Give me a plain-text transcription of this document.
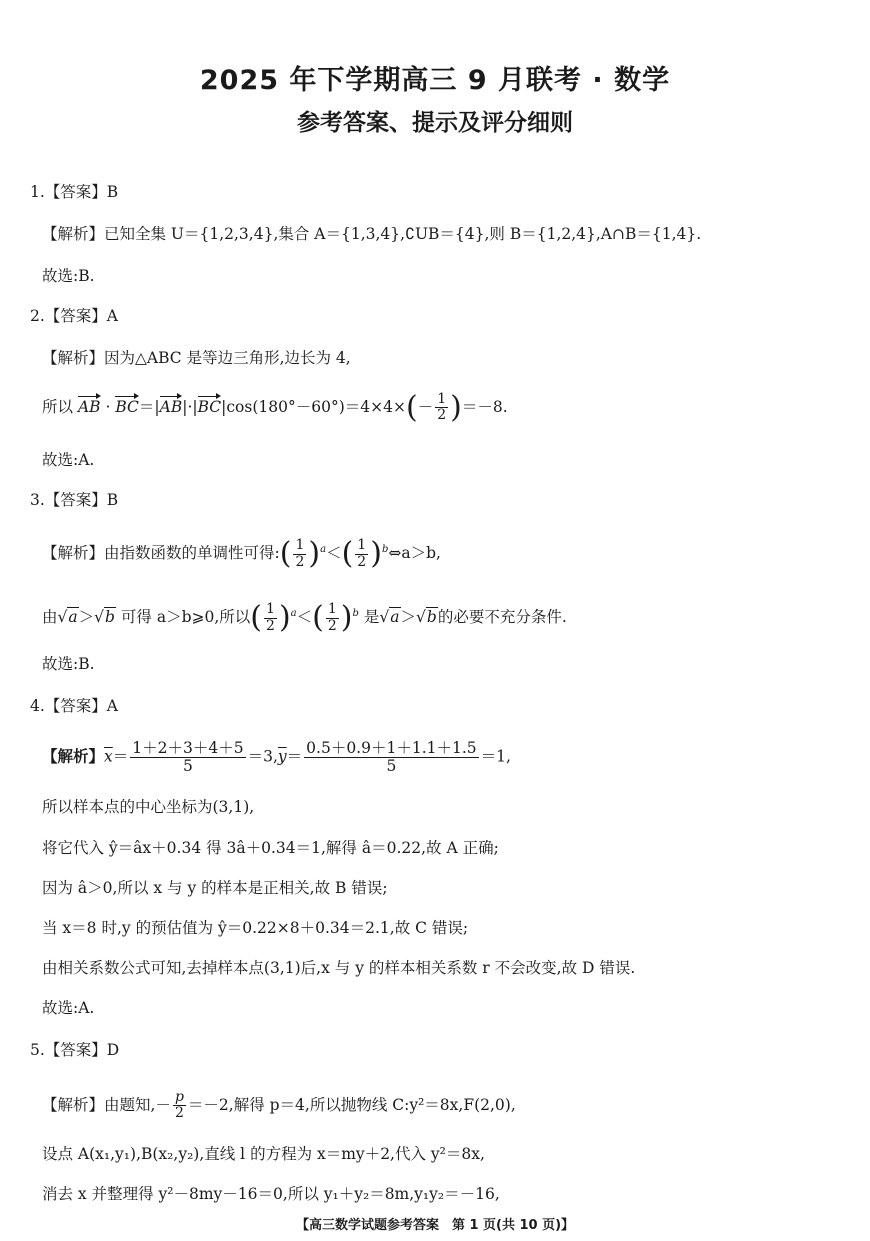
2025 年下学期高三 9 月联考 · 数学
参考答案、提示及评分细则
1.【答案】B
【解析】已知全集 U＝{1,2,3,4},集合 A＝{1,3,4},∁UB＝{4},则 B＝{1,2,4},A∩B＝{1,4}.
故选:B.
2.【答案】A
【解析】因为△ABC 是等边三角形,边长为 4,
所以 AB · $BC=|AB|\cdot|BC|\cos(180^\circ-60^\circ)=4\times 4\times(- \frac{1}{2} )=-8$.
故选:A.
3.【答案】B
【解析】由指数函数的单调性可得:( $\frac{1}{2} )^a<( \frac{1}{2}$ )$^b\Leftrightarrow a>b$,
由√a＞√b 可得 a＞b⩾0,所以( $\frac{1}{2} )^a<( \frac{1}{2} )^b$ 是√a＞√b的必要不充分条件.
故选:B.
4.【答案】A
【解析】$\overline{x}= \frac{1+2+3+4+5}{5} =3,\overline{y}= \frac{0.5+0.9+1+1.1+1.5}{5} =1$,
所以样本点的中心坐标为(3,1),
将它代入 ŷ＝âx＋0.34 得 3â＋0.34＝1,解得 â＝0.22,故 A 正确;
因为 â＞0,所以 x 与 y 的样本是正相关,故 B 错误;
当 x＝8 时,y 的预估值为 ŷ＝0.22×8＋0.34＝2.1,故 C 错误;
由相关系数公式可知,去掉样本点(3,1)后,x 与 y 的样本相关系数 r 不会改变,故 D 错误.
故选:A.
5.【答案】D
【解析】由题知,－ $\frac{p}{2} =-2$,解得 p＝4,所以抛物线 C:y²＝8x,F(2,0),
设点 A(x₁,y₁),B(x₂,y₂),直线 l 的方程为 x＝my＋2,代入 y²＝8x,
消去 x 并整理得 y²－8my－16＝0,所以 y₁＋y₂＝8m,y₁y₂＝－16,
【高三数学试题参考答案　第 1 页(共 10 页)】
